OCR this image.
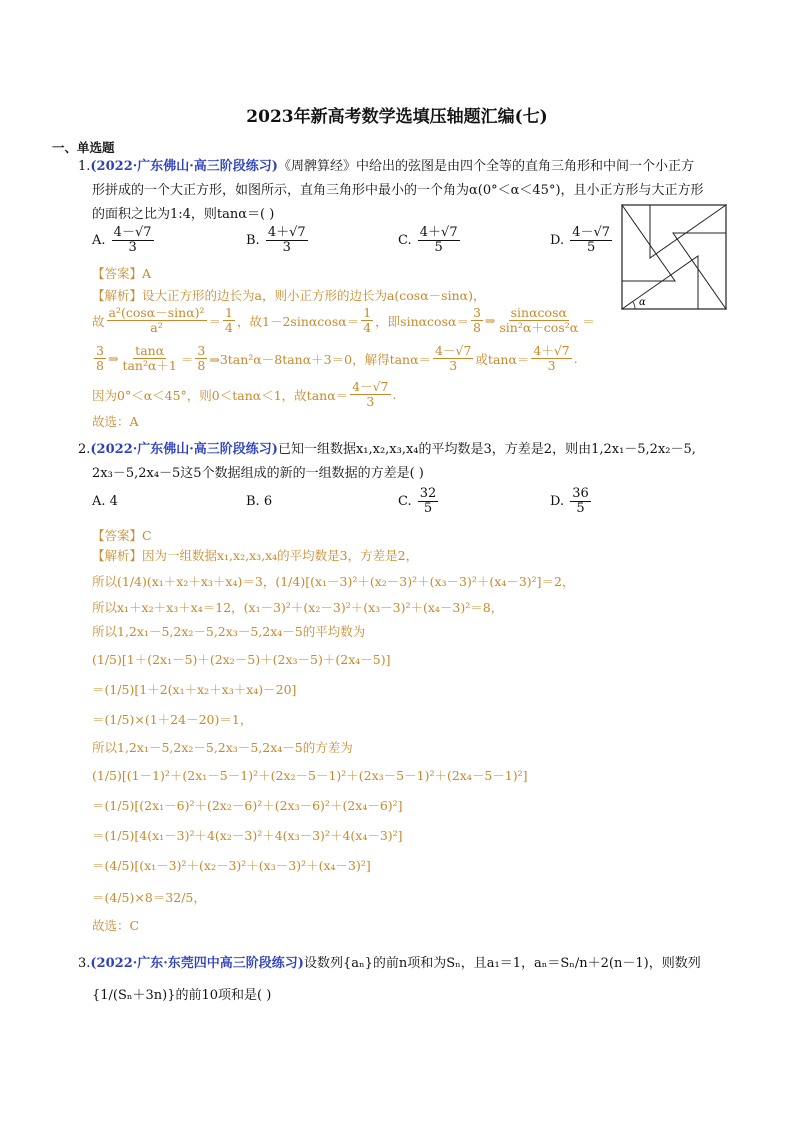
2023年新高考数学选填压轴题汇编(七)
一、单选题
1.(2022·广东佛山·高三阶段练习)《周髀算经》中给出的弦图是由四个全等的直角三角形和中间一个小正方
形拼成的一个大正方形，如图所示，直角三角形中最小的一个角为α(0°＜α＜45°)，且小正方形与大正方形
的面积之比为1:4，则tanα＝( )
A. $\frac{4-√7}{3}$	B. $\frac{4+√7}{3}$	C. $\frac{4+√7}{5}$	D. $\frac{4-√7}{5}$
α
【答案】A
【解析】设大正方形的边长为a，则小正方形的边长为a(cosα－sinα)，
故 $\frac{\text{a²(cosα－sinα)²}}{\text{a²}} = \frac{1}{4}$ ，故$1-2\sin\alpha\cos\alpha= \frac{1}{4}$ ，即$\sin\alpha\cos\alpha= \frac{3}{8}$ ⇒ $\frac{\sin\alpha\cos\alpha}{\text{sin²α＋cos²α}}$ ＝
$\frac{3}{8}$ ⇒ $\frac{\tan\alpha}{\text{tan²α＋1}} = \frac{3}{8}$ ⇒3tan²α－8tanα＋3＝0，解得$\tan\alpha= \frac{4-√7}{3}$ 或$\tan\alpha= \frac{4+√7}{3}$ .
因为0°＜α＜45°，则0＜tanα＜1，故$\tan\alpha= \frac{4-√7}{3}$ .
故选：A
2.(2022·广东佛山·高三阶段练习)已知一组数据x₁,x₂,x₃,x₄的平均数是3，方差是2，则由1,2x₁－5,2x₂－5,
2x₃－5,2x₄－5这5个数据组成的新的一组数据的方差是( )
A. 4	B. 6	C. $\frac{32}{5}$	D. $\frac{36}{5}$
【答案】C
【解析】因为一组数据x₁,x₂,x₃,x₄的平均数是3，方差是2，
所以(1/4)(x₁＋x₂＋x₃＋x₄)＝3，(1/4)[(x₁－3)²＋(x₂－3)²＋(x₃－3)²＋(x₄－3)²]＝2，
所以x₁＋x₂＋x₃＋x₄＝12，(x₁－3)²＋(x₂－3)²＋(x₃－3)²＋(x₄－3)²＝8，
所以1,2x₁－5,2x₂－5,2x₃－5,2x₄－5的平均数为
(1/5)[1＋(2x₁－5)＋(2x₂－5)＋(2x₃－5)＋(2x₄－5)]
＝(1/5)[1＋2(x₁＋x₂＋x₃＋x₄)－20]
＝(1/5)×(1＋24－20)＝1，
所以1,2x₁－5,2x₂－5,2x₃－5,2x₄－5的方差为
(1/5)[(1－1)²＋(2x₁－5－1)²＋(2x₂－5－1)²＋(2x₃－5－1)²＋(2x₄－5－1)²]
＝(1/5)[(2x₁－6)²＋(2x₂－6)²＋(2x₃－6)²＋(2x₄－6)²]
＝(1/5)[4(x₁－3)²＋4(x₂－3)²＋4(x₃－3)²＋4(x₄－3)²]
＝(4/5)[(x₁－3)²＋(x₂－3)²＋(x₃－3)²＋(x₄－3)²]
＝(4/5)×8＝32/5，
故选：C
3.(2022·广东·东莞四中高三阶段练习)设数列{aₙ}的前n项和为Sₙ，且a₁＝1，aₙ＝Sₙ/n＋2(n－1)，则数列
{1/(Sₙ＋3n)}的前10项和是( )
